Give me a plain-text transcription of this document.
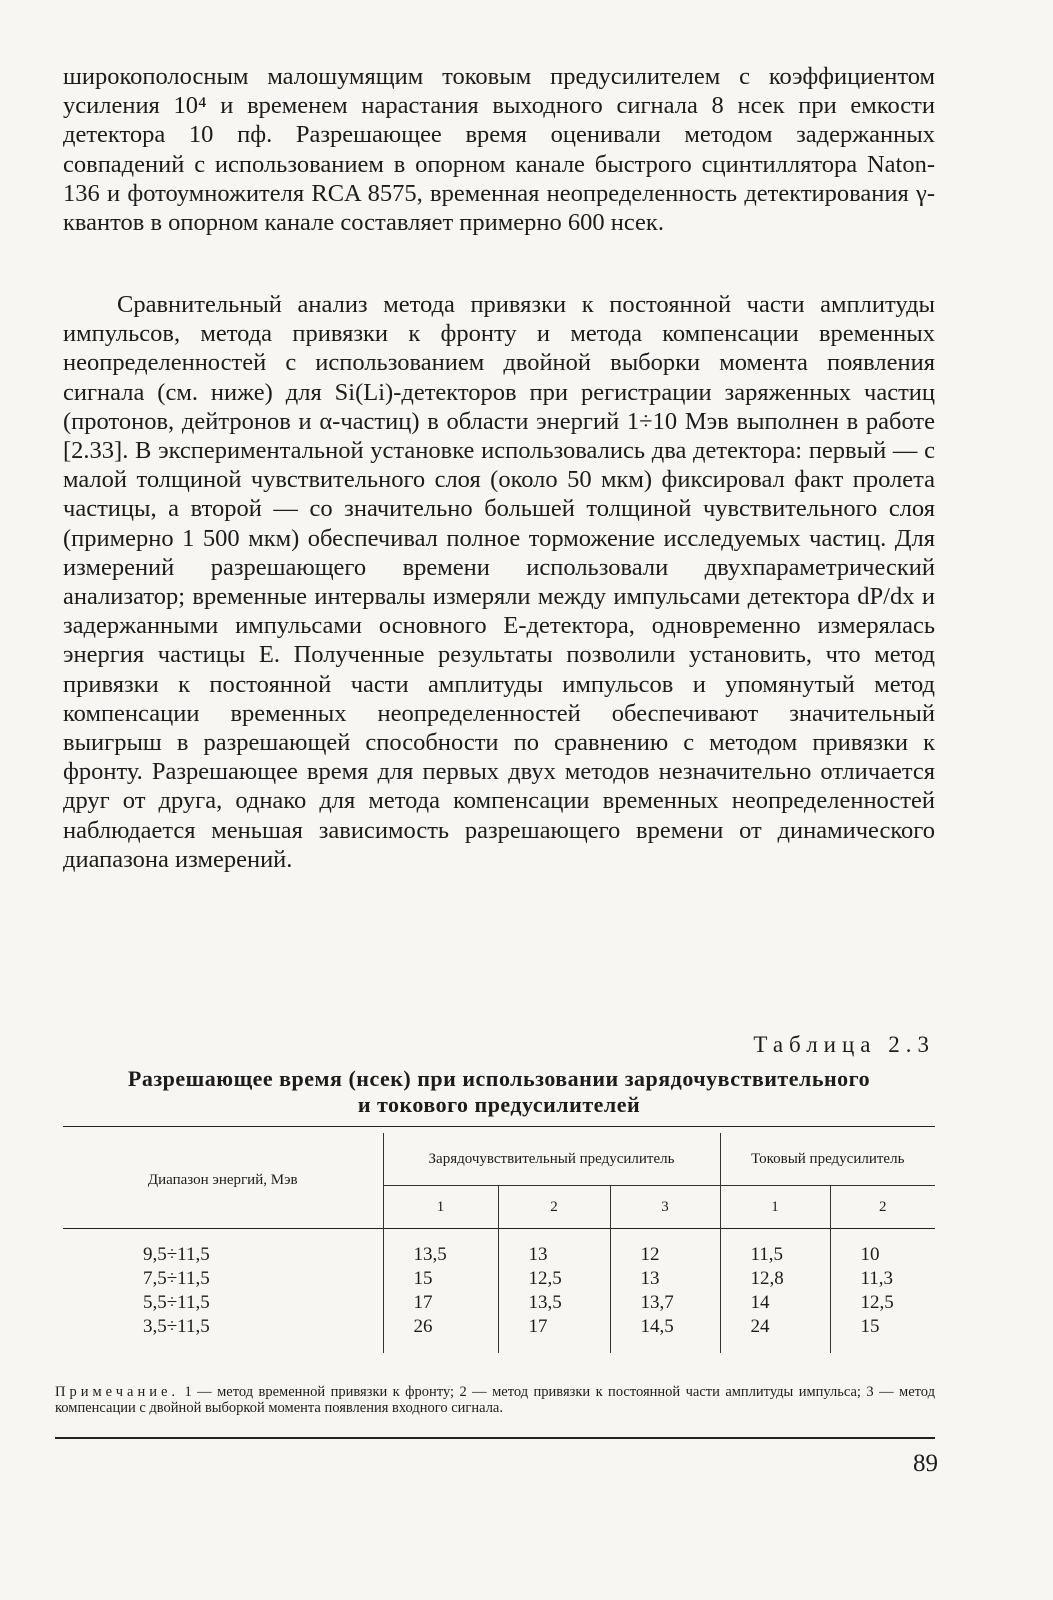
широкополосным малошумящим токовым предусилителем с коэффициентом усиления 10⁴ и временем нарастания выходного сигнала 8 нсек при емкости детектора 10 пф. Разрешающее время оценивали методом задержанных совпадений с использованием в опорном канале быстрого сцинтиллятора Naton-136 и фотоумножителя RCA 8575, временная неопределенность детектирования γ-квантов в опорном канале составляет примерно 600 нсек.

Сравнительный анализ метода привязки к постоянной части амплитуды импульсов, метода привязки к фронту и метода компенсации временных неопределенностей с использованием двойной выборки момента появления сигнала (см. ниже) для Si(Li)-детекторов при регистрации заряженных частиц (протонов, дейтронов и α-частиц) в области энергий 1÷10 Мэв выполнен в работе [2.33]. В экспериментальной установке использовались два детектора: первый — с малой толщиной чувствительного слоя (около 50 мкм) фиксировал факт пролета частицы, а второй — со значительно большей толщиной чувствительного слоя (примерно 1 500 мкм) обеспечивал полное торможение исследуемых частиц. Для измерений разрешающего времени использовали двухпараметрический анализатор; временные интервалы измеряли между импульсами детектора dP/dx и задержанными импульсами основного E-детектора, одновременно измерялась энергия частицы E. Полученные результаты позволили установить, что метод привязки к постоянной части амплитуды импульсов и упомянутый метод компенсации временных неопределенностей обеспечивают значительный выигрыш в разрешающей способности по сравнению с методом привязки к фронту. Разрешающее время для первых двух методов незначительно отличается друг от друга, однако для метода компенсации временных неопределенностей наблюдается меньшая зависимость разрешающего времени от динамического диапазона измерений.

Таблица 2.3
Разрешающее время (нсек) при использовании зарядочувствительного
и токового предусилителей

Диапазон энергий, Мэв	Зарядочувствительный предусилитель			Токовый предусилитель	
	1	2	3	1	2

9,5÷11,5	13,5	13	12	11,5	10
7,5÷11,5	15	12,5	13	12,8	11,3
5,5÷11,5	17	13,5	13,7	14	12,5
3,5÷11,5	26	17	14,5	24	15

Примечание. 1 — метод временной привязки к фронту; 2 — метод привязки к постоянной части амплитуды импульса; 3 — метод компенсации с двойной выборкой момента появления входного сигнала.
89
